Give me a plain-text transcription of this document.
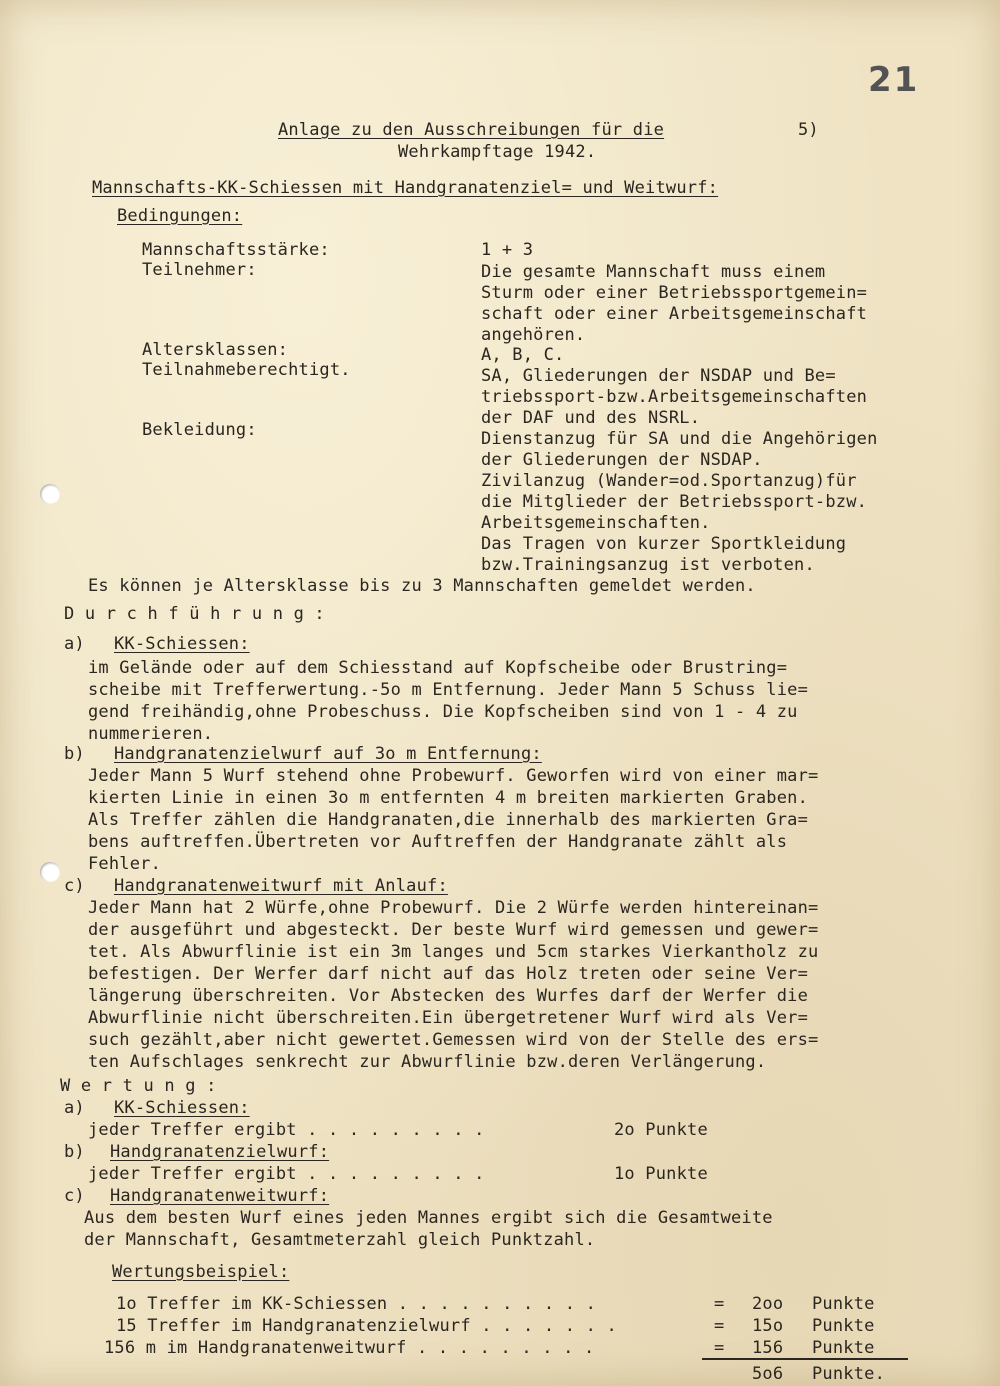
21
Anlage zu den Ausschreibungen für die	5)
Wehrkampftage 1942.
Mannschafts-KK-Schiessen mit Handgranatenziel= und Weitwurf:
Bedingungen:
Mannschaftsstärke:	1 + 3
Teilnehmer:	Die gesamte Mannschaft muss einem
Sturm oder einer Betriebssportgemein=
schaft oder einer Arbeitsgemeinschaft
angehören.
Altersklassen:	A, B, C.
Teilnahmeberechtigt.	SA, Gliederungen der NSDAP und Be=
triebssport-bzw.Arbeitsgemeinschaften
der DAF und des NSRL.
Bekleidung:	Dienstanzug für SA und die Angehörigen
der Gliederungen der NSDAP.
Zivilanzug (Wander=od.Sportanzug)für
die Mitglieder der Betriebssport-bzw.
Arbeitsgemeinschaften.
Das Tragen von kurzer Sportkleidung
bzw.Trainingsanzug ist verboten.
Es können je Altersklasse bis zu 3 Mannschaften gemeldet werden.
D u r c h f ü h r u n g :
a) KK-Schiessen:
im Gelände oder auf dem Schiesstand auf Kopfscheibe oder Brustring=
scheibe mit Trefferwertung.-5o m Entfernung. Jeder Mann 5 Schuss lie=
gend freihändig,ohne Probeschuss. Die Kopfscheiben sind von 1 - 4 zu
nummerieren.
b) Handgranatenzielwurf auf 3o m Entfernung:
Jeder Mann 5 Wurf stehend ohne Probewurf. Geworfen wird von einer mar=
kierten Linie in einen 3o m entfernten 4 m breiten markierten Graben.
Als Treffer zählen die Handgranaten,die innerhalb des markierten Gra=
bens auftreffen.Übertreten vor Auftreffen der Handgranate zählt als
Fehler.
c) Handgranatenweitwurf mit Anlauf:
Jeder Mann hat 2 Würfe,ohne Probewurf. Die 2 Würfe werden hintereinan=
der ausgeführt und abgesteckt. Der beste Wurf wird gemessen und gewer=
tet. Als Abwurflinie ist ein 3m langes und 5cm starkes Vierkantholz zu
befestigen. Der Werfer darf nicht auf das Holz treten oder seine Ver=
längerung überschreiten. Vor Abstecken des Wurfes darf der Werfer die
Abwurflinie nicht überschreiten.Ein übergetretener Wurf wird als Ver=
such gezählt,aber nicht gewertet.Gemessen wird von der Stelle des ers=
ten Aufschlages senkrecht zur Abwurflinie bzw.deren Verlängerung.
W e r t u n g :
a) KK-Schiessen:
jeder Treffer ergibt . . . . . . . . .	2o Punkte
b) Handgranatenzielwurf:
jeder Treffer ergibt . . . . . . . . .	1o Punkte
c) Handgranatenweitwurf:
Aus dem besten Wurf eines jeden Mannes ergibt sich die Gesamtweite
der Mannschaft, Gesamtmeterzahl gleich Punktzahl.
Wertungsbeispiel:
1o Treffer im KK-Schiessen . . . . . . . . . .	= 2oo Punkte
15 Treffer im Handgranatenzielwurf . . . . . . .	= 15o Punkte
156 m im Handgranatenweitwurf . . . . . . . . .	= 156 Punkte
5o6 Punkte.
